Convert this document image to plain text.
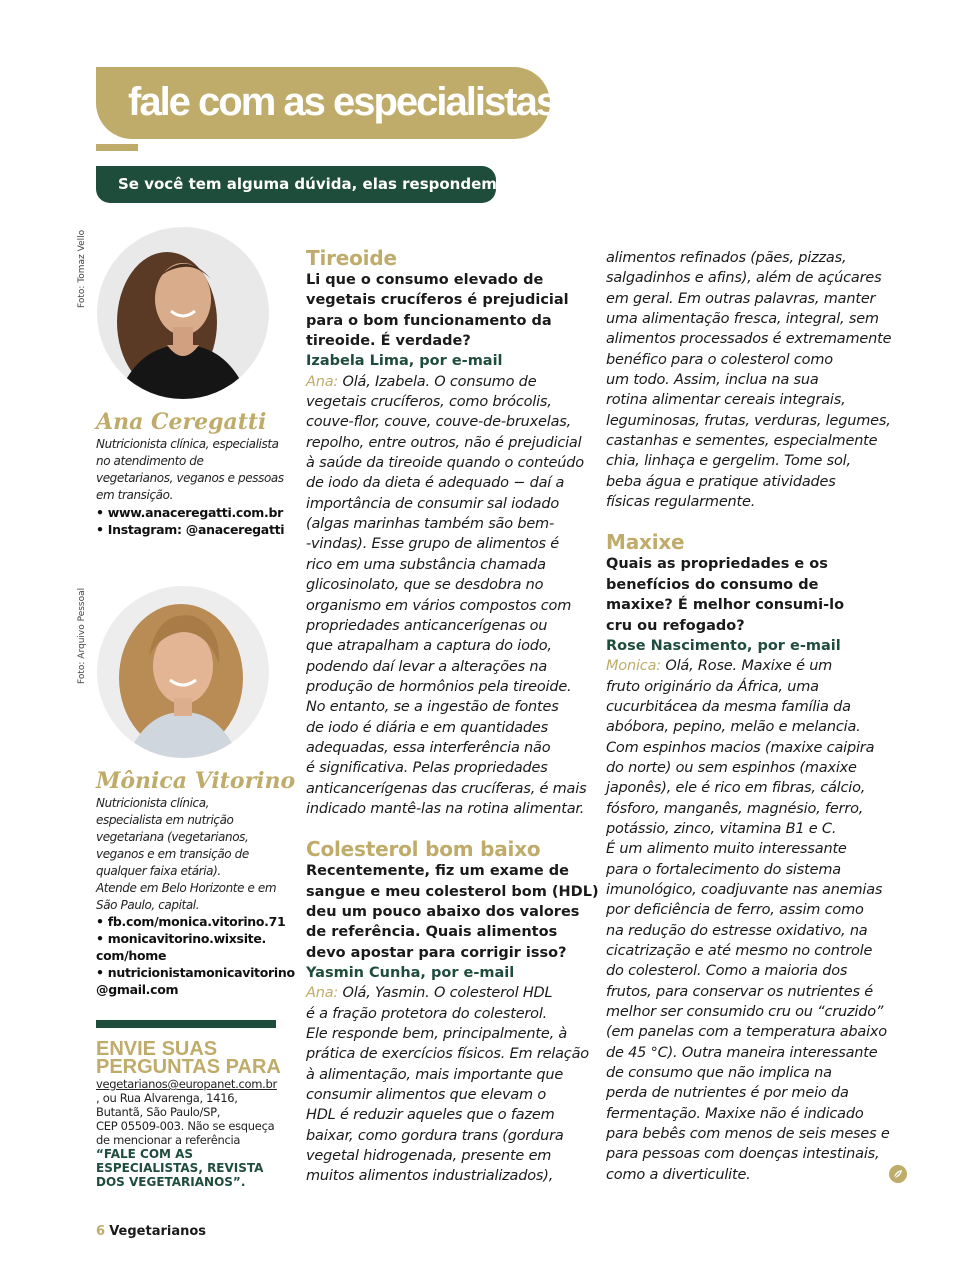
fale com as especialistas
Se você tem alguma dúvida, elas respondem
Foto: Tomaz Vello
Ana Ceregatti
Nutricionista clínica, especialista
no atendimento de
vegetarianos, veganos e pessoas
em transição.
• www.anaceregatti.com.br
• Instagram: @anaceregatti
Foto: Arquivo Pessoal
Mônica Vitorino
Nutricionista clínica,
especialista em nutrição
vegetariana (vegetarianos,
veganos e em transição de
qualquer faixa etária).
Atende em Belo Horizonte e em
São Paulo, capital.
• fb.com/monica.vitorino.71
• monicavitorino.wixsite.
com/home
• nutricionistamonicavitorino
@gmail.com
ENVIE SUAS
PERGUNTAS PARA
vegetarianos@europanet.com.br
, ou Rua Alvarenga, 1416,
Butantã, São Paulo/SP,
CEP 05509-003. Não se esqueça
de mencionar a referência
“FALE COM AS
ESPECIALISTAS, REVISTA
DOS VEGETARIANOS”.
Tireoide
Li que o consumo elevado de
vegetais crucíferos é prejudicial
para o bom funcionamento da
tireoide. É verdade?
Izabela Lima, por e-mail
Ana: Olá, Izabela. O consumo de
vegetais crucíferos, como brócolis,
couve-flor, couve, couve-de-bruxelas,
repolho, entre outros, não é prejudicial
à saúde da tireoide quando o conteúdo
de iodo da dieta é adequado − daí a
importância de consumir sal iodado
(algas marinhas também são bem-
-vindas). Esse grupo de alimentos é
rico em uma substância chamada
glicosinolato, que se desdobra no
organismo em vários compostos com
propriedades anticancerígenas ou
que atrapalham a captura do iodo,
podendo daí levar a alterações na
produção de hormônios pela tireoide.
No entanto, se a ingestão de fontes
de iodo é diária e em quantidades
adequadas, essa interferência não
é significativa. Pelas propriedades
anticancerígenas das crucíferas, é mais
indicado mantê-las na rotina alimentar.
Colesterol bom baixo
Recentemente, fiz um exame de
sangue e meu colesterol bom (HDL)
deu um pouco abaixo dos valores
de referência. Quais alimentos
devo apostar para corrigir isso?
Yasmin Cunha, por e-mail
Ana: Olá, Yasmin. O colesterol HDL
é a fração protetora do colesterol.
Ele responde bem, principalmente, à
prática de exercícios físicos. Em relação
à alimentação, mais importante que
consumir alimentos que elevam o
HDL é reduzir aqueles que o fazem
baixar, como gordura trans (gordura
vegetal hidrogenada, presente em
muitos alimentos industrializados),
alimentos refinados (pães, pizzas,
salgadinhos e afins), além de açúcares
em geral. Em outras palavras, manter
uma alimentação fresca, integral, sem
alimentos processados é extremamente
benéfico para o colesterol como
um todo. Assim, inclua na sua
rotina alimentar cereais integrais,
leguminosas, frutas, verduras, legumes,
castanhas e sementes, especialmente
chia, linhaça e gergelim. Tome sol,
beba água e pratique atividades
físicas regularmente.
Maxixe
Quais as propriedades e os
benefícios do consumo de
maxixe? É melhor consumi-lo
cru ou refogado?
Rose Nascimento, por e-mail
Monica: Olá, Rose. Maxixe é um
fruto originário da África, uma
cucurbitácea da mesma família da
abóbora, pepino, melão e melancia.
Com espinhos macios (maxixe caipira
do norte) ou sem espinhos (maxixe
japonês), ele é rico em fibras, cálcio,
fósforo, manganês, magnésio, ferro,
potássio, zinco, vitamina B1 e C.
É um alimento muito interessante
para o fortalecimento do sistema
imunológico, coadjuvante nas anemias
por deficiência de ferro, assim como
na redução do estresse oxidativo, na
cicatrização e até mesmo no controle
do colesterol. Como a maioria dos
frutos, para conservar os nutrientes é
melhor ser consumido cru ou “cruzido”
(em panelas com a temperatura abaixo
de 45 °C). Outra maneira interessante
de consumo que não implica na
perda de nutrientes é por meio da
fermentação. Maxixe não é indicado
para bebês com menos de seis meses e
para pessoas com doenças intestinais,
como a diverticulite.
6 Vegetarianos
